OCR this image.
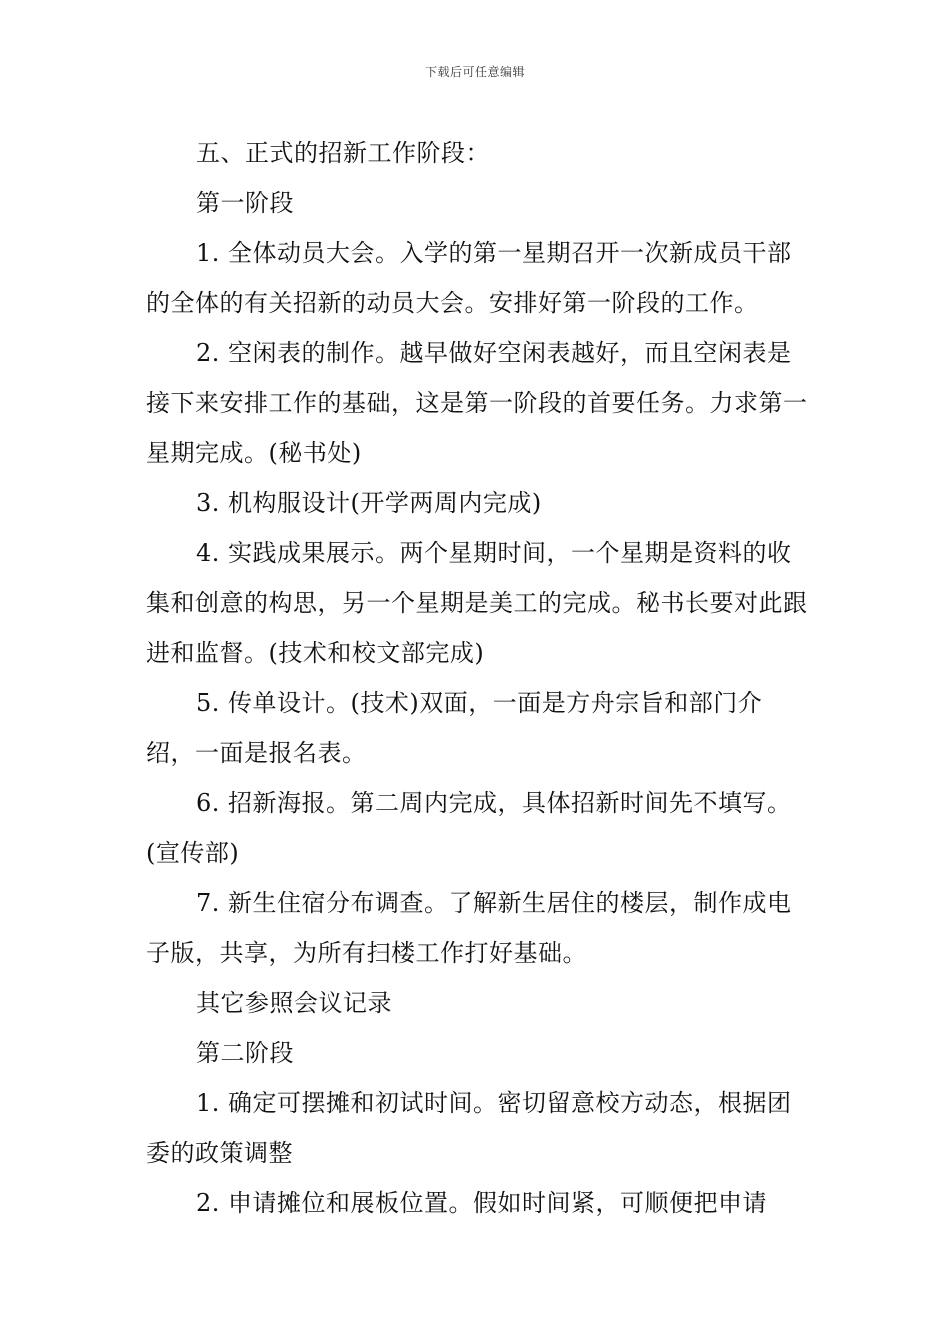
下载后可任意编辑

五、正式的招新工作阶段：

第一阶段

1. 全体动员大会。入学的第一星期召开一次新成员干部的全体的有关招新的动员大会。安排好第一阶段的工作。

2. 空闲表的制作。越早做好空闲表越好，而且空闲表是接下来安排工作的基础，这是第一阶段的首要任务。力求第一星期完成。(秘书处)

3. 机构服设计(开学两周内完成)

4. 实践成果展示。两个星期时间，一个星期是资料的收集和创意的构思，另一个星期是美工的完成。秘书长要对此跟进和监督。(技术和校文部完成)

5. 传单设计。(技术)双面，一面是方舟宗旨和部门介绍，一面是报名表。

6. 招新海报。第二周内完成，具体招新时间先不填写。(宣传部)

7. 新生住宿分布调查。了解新生居住的楼层，制作成电子版，共享，为所有扫楼工作打好基础。

其它参照会议记录

第二阶段

1. 确定可摆摊和初试时间。密切留意校方动态，根据团委的政策调整

2. 申请摊位和展板位置。假如时间紧，可顺便把申请
